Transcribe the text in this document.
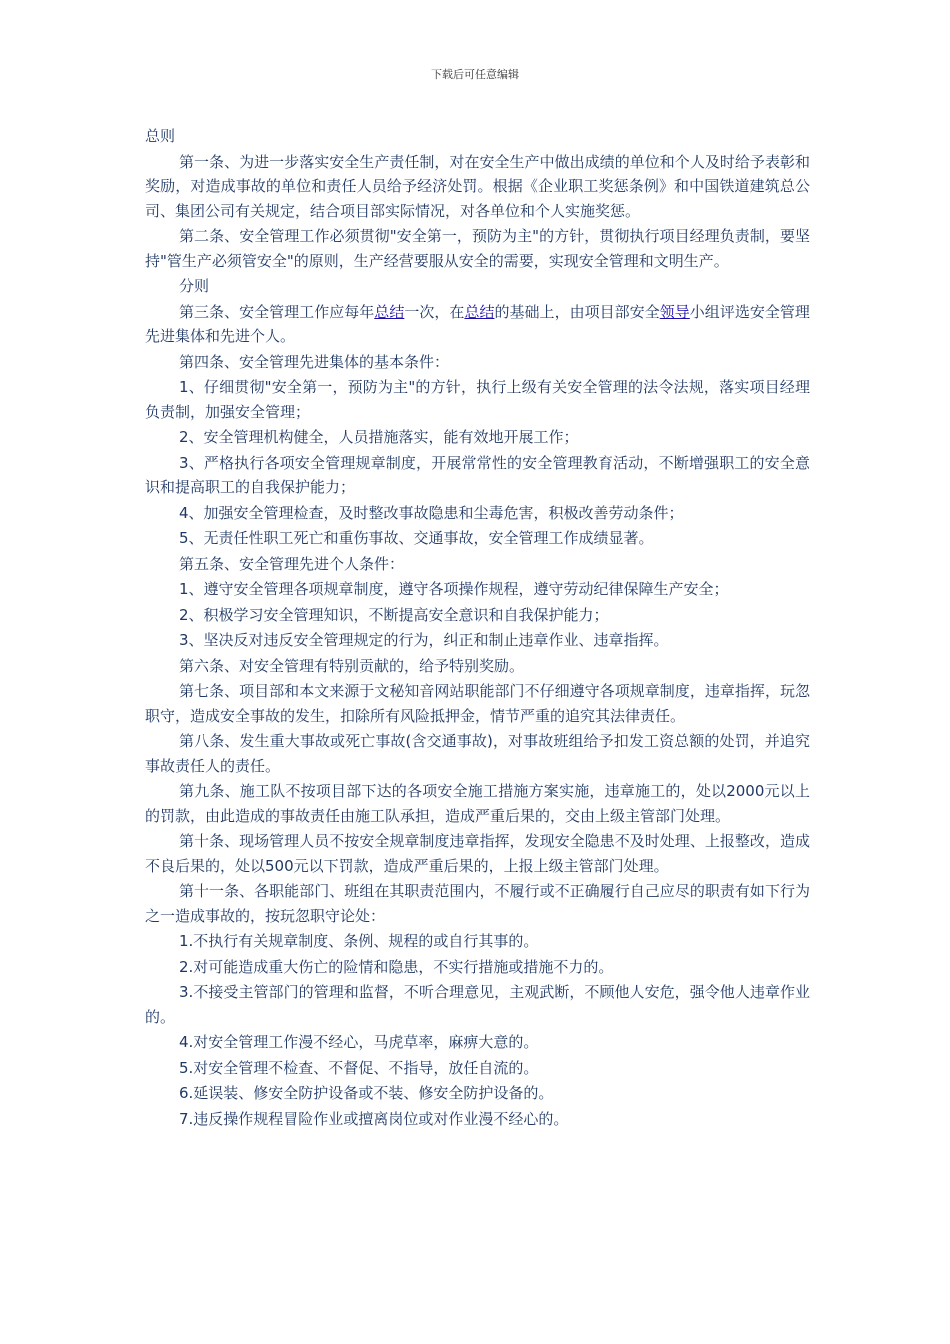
下载后可任意编辑

总则

第一条、为进一步落实安全生产责任制，对在安全生产中做出成绩的单位和个人及时给予表彰和奖励，对造成事故的单位和责任人员给予经济处罚。根据《企业职工奖惩条例》和中国铁道建筑总公司、集团公司有关规定，结合项目部实际情况，对各单位和个人实施奖惩。

第二条、安全管理工作必须贯彻"安全第一，预防为主"的方针，贯彻执行项目经理负责制，要坚持"管生产必须管安全"的原则，生产经营要服从安全的需要，实现安全管理和文明生产。

分则

第三条、安全管理工作应每年总结一次，在总结的基础上，由项目部安全领导小组评选安全管理先进集体和先进个人。

第四条、安全管理先进集体的基本条件：

1、仔细贯彻"安全第一，预防为主"的方针，执行上级有关安全管理的法令法规，落实项目经理负责制，加强安全管理；

2、安全管理机构健全，人员措施落实，能有效地开展工作；

3、严格执行各项安全管理规章制度，开展常常性的安全管理教育活动，不断增强职工的安全意识和提高职工的自我保护能力；

4、加强安全管理检查，及时整改事故隐患和尘毒危害，积极改善劳动条件；

5、无责任性职工死亡和重伤事故、交通事故，安全管理工作成绩显著。

第五条、安全管理先进个人条件：

1、遵守安全管理各项规章制度，遵守各项操作规程，遵守劳动纪律保障生产安全；

2、积极学习安全管理知识，不断提高安全意识和自我保护能力；

3、坚决反对违反安全管理规定的行为，纠正和制止违章作业、违章指挥。

第六条、对安全管理有特别贡献的，给予特别奖励。

第七条、项目部和本文来源于文秘知音网站职能部门不仔细遵守各项规章制度，违章指挥，玩忽职守，造成安全事故的发生，扣除所有风险抵押金，情节严重的追究其法律责任。

第八条、发生重大事故或死亡事故(含交通事故)，对事故班组给予扣发工资总额的处罚，并追究事故责任人的责任。

第九条、施工队不按项目部下达的各项安全施工措施方案实施，违章施工的，处以2000元以上的罚款，由此造成的事故责任由施工队承担，造成严重后果的，交由上级主管部门处理。

第十条、现场管理人员不按安全规章制度违章指挥，发现安全隐患不及时处理、上报整改，造成不良后果的，处以500元以下罚款，造成严重后果的，上报上级主管部门处理。

第十一条、各职能部门、班组在其职责范围内，不履行或不正确履行自己应尽的职责有如下行为之一造成事故的，按玩忽职守论处：

1.不执行有关规章制度、条例、规程的或自行其事的。

2.对可能造成重大伤亡的险情和隐患，不实行措施或措施不力的。

3.不接受主管部门的管理和监督，不听合理意见，主观武断，不顾他人安危，强令他人违章作业的。

4.对安全管理工作漫不经心，马虎草率，麻痹大意的。

5.对安全管理不检查、不督促、不指导，放任自流的。

6.延误装、修安全防护设备或不装、修安全防护设备的。

7.违反操作规程冒险作业或擅离岗位或对作业漫不经心的。
